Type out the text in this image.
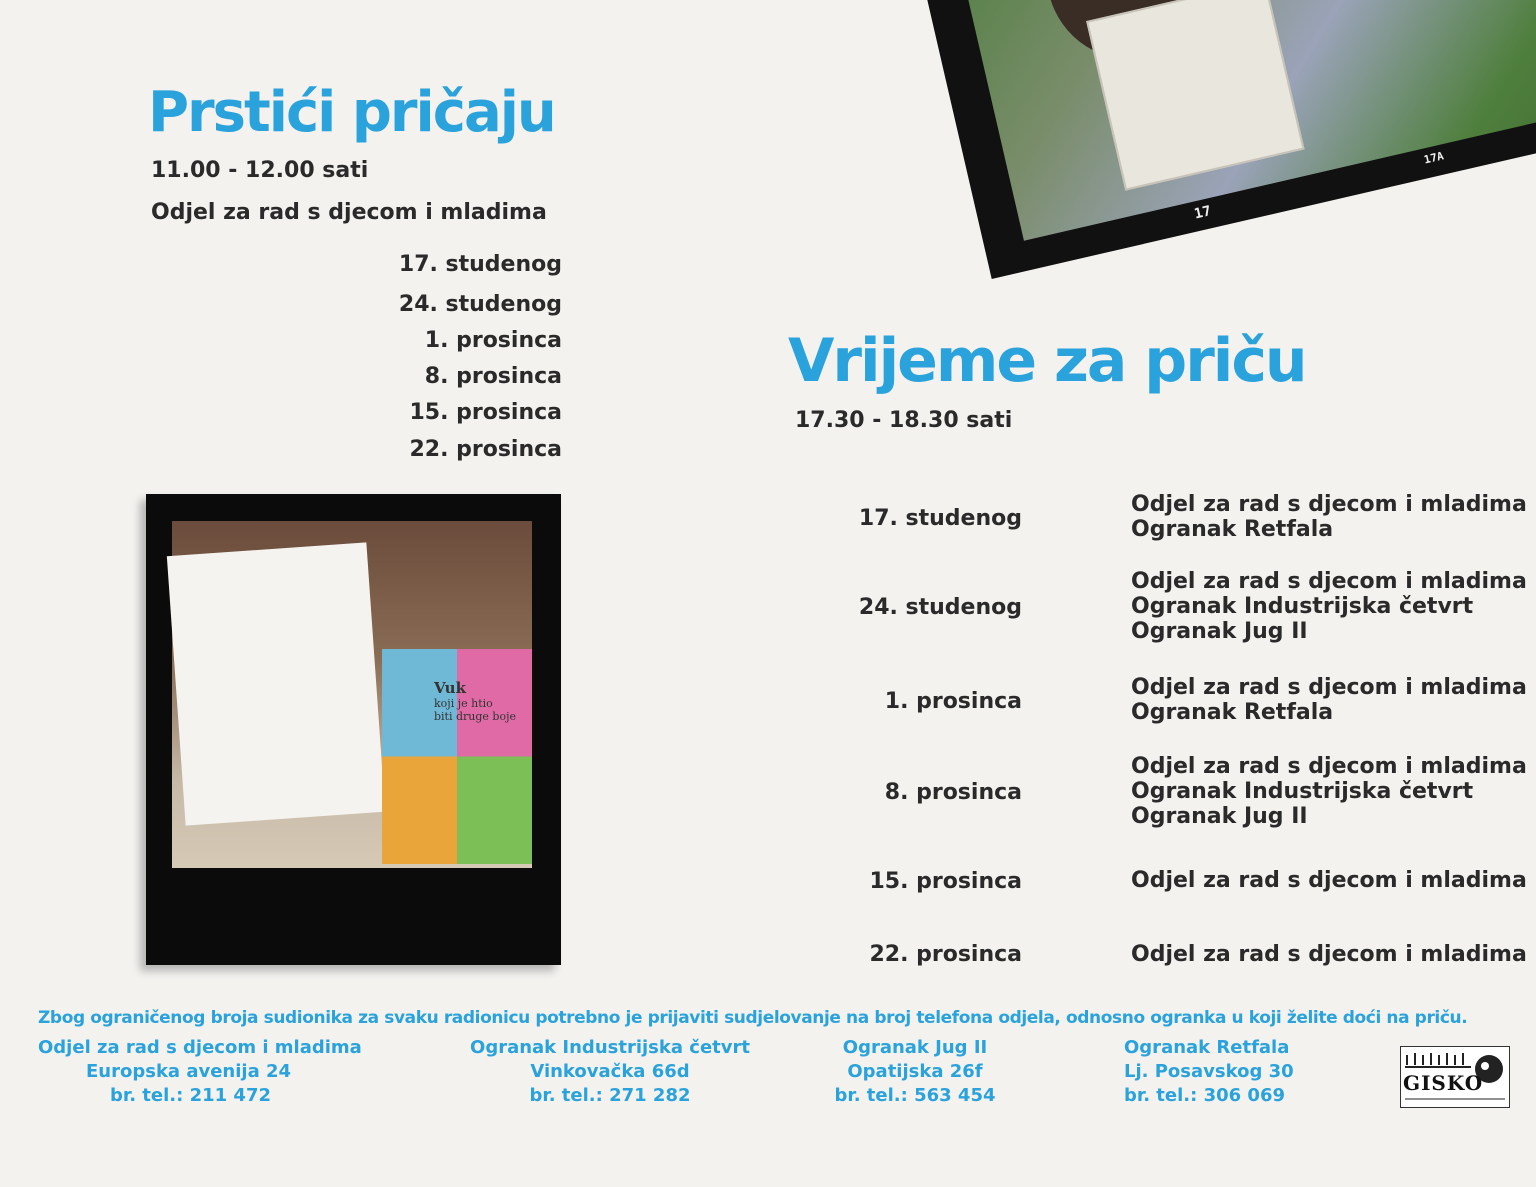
17
17A
Prstići pričaju
11.00 - 12.00 sati
Odjel za rad s djecom i mladima
17. studenog
24. studenog
1. prosinca
8. prosinca
15. prosinca
22. prosinca
Vuk
koji je htio
biti druge boje
Vrijeme za priču
17.30 - 18.30 sati
17. studenog
Odjel za rad s djecom i mladima
Ogranak Retfala
24. studenog
Odjel za rad s djecom i mladima
Ogranak Industrijska četvrt
Ogranak Jug II
1. prosinca
Odjel za rad s djecom i mladima
Ogranak Retfala
8. prosinca
Odjel za rad s djecom i mladima
Ogranak Industrijska četvrt
Ogranak Jug II
15. prosinca	Odjel za rad s djecom i mladima
22. prosinca	Odjel za rad s djecom i mladima
Zbog ograničenog broja sudionika za svaku radionicu potrebno je prijaviti sudjelovanje na broj telefona odjela, odnosno ogranka u koji želite doći na priču.
Odjel za rad s djecom i mladima
Europska avenija 24
br. tel.: 211 472
Ogranak Industrijska četvrt
Vinkovačka 66d
br. tel.: 271 282
Ogranak Jug II
Opatijska 26f
br. tel.: 563 454
Ogranak Retfala
Lj. Posavskog 30
br. tel.: 306 069
GISKO
